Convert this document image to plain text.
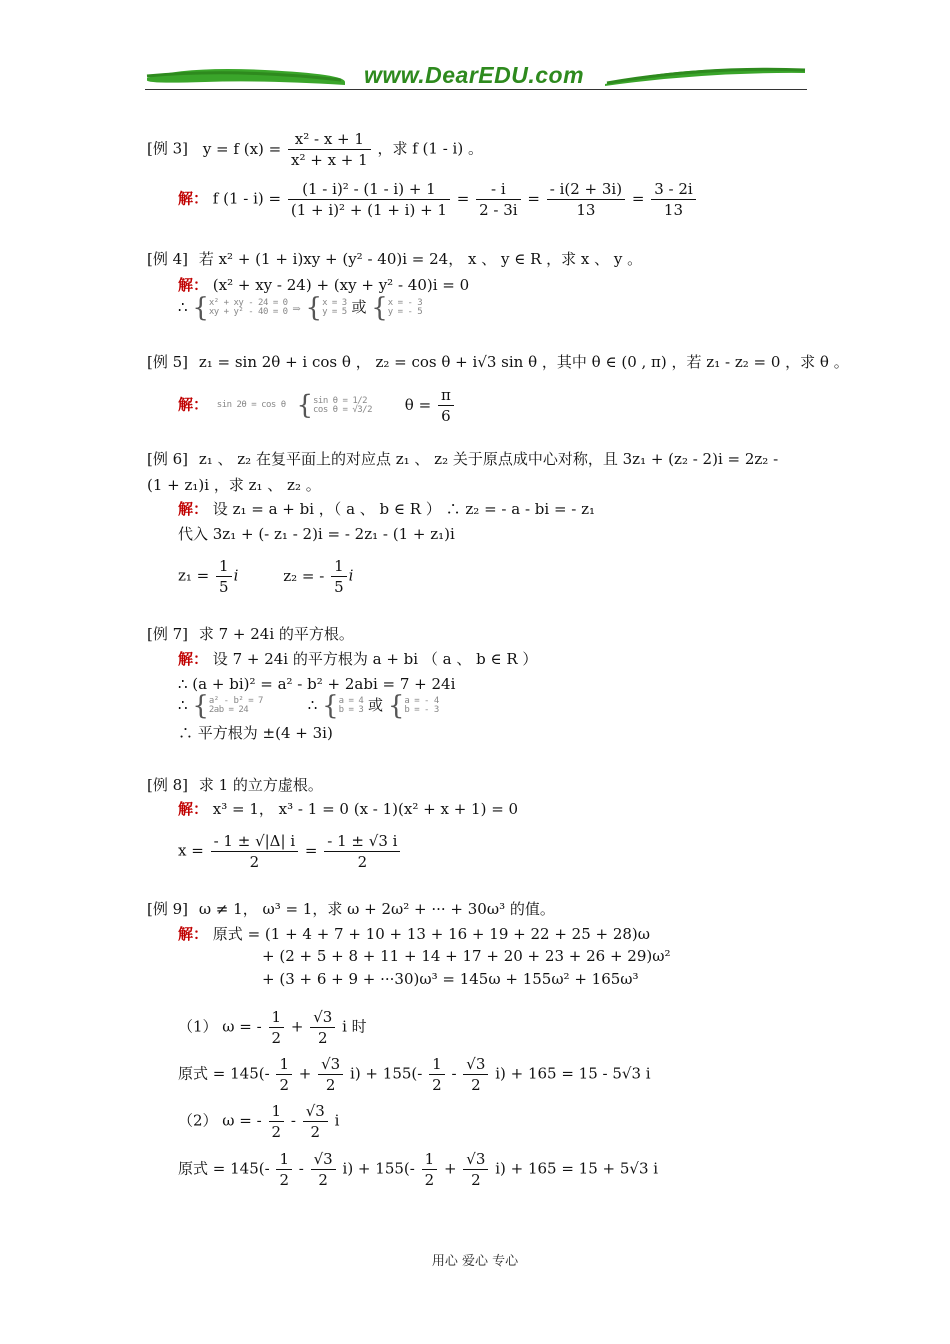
www.DearEDU.com
[例 3] y = f $(x) = \frac{\text{x² - x + 1}}{\text{x² + x + 1}}$ ，求 f (1 - i) 。
解： f $(1 - i) = \frac{\text{(1 - i)² - (1 - i) + 1}}{\text{(1 + i)² + (1 + i) + 1}} = \frac{- i}{2 - 3i} = \frac{- i(2 + 3i)}{13} = \frac{3 - 2i}{13}$
[例 4] 若 x² + (1 + i)xy + (y² - 40)i = 24， x 、 y ∈ R ，求 x 、 y 。
解： (x² + xy - 24) + (xy + y² - 40)i = 0
∴ {x² + xy - 24 = 0
xy + y² - 40 = 0 ⇒ {x = 3
y = 5 或 {x = - 3
y = - 5
[例 5] z₁ = sin 2θ + i cos θ ， z₂ = cos θ + i√3 sin θ ，其中 θ ∈ (0 , π) ，若 z₁ - z₂ = 0 ，求 θ 。
解： sin 2θ = cos θ {sin θ = 1/2
cos θ = √3/2 $\theta = \frac{\pi}{6}$
[例 6] z₁ 、 z₂ 在复平面上的对应点 z₁ 、 z₂ 关于原点成中心对称，且 3z₁ + (z₂ - 2)i = 2z₂ -
(1 + z₁)i ，求 z₁ 、 z₂ 。
解： 设 z₁ = a + bi ，（ a 、 b ∈ R ） ∴ z₂ = - a - bi = - z₁
代入 3z₁ + (- z₁ - 2)i = - 2z₁ - (1 + z₁)i
$z_1 = \frac{1}{5}$ i	z₂ = - $\frac{1}{5}$ i
[例 7] 求 7 + 24i 的平方根。
解： 设 7 + 24i 的平方根为 a + bi （ a 、 b ∈ R ）
∴ (a + bi)² = a² - b² + 2abi = 7 + 24i
∴ {a² - b² = 7
2ab = 24	∴ {a = 4
b = 3 或 {a = - 4
b = - 3
∴ 平方根为 ±(4 + 3i)
[例 8] 求 1 的立方虚根。
解： x³ = 1， x³ - 1 = 0 (x - 1)(x² + x + 1) = 0
$x = \frac{- 1 \pm √|\Delta| i}{2} = \frac{- 1 \pm √3 i}{2}$
[例 9] ω ≠ 1， ω³ = 1，求 ω + 2ω² + ··· + 30ω³ 的值。
解： 原式 = (1 + 4 + 7 + 10 + 13 + 16 + 19 + 22 + 25 + 28)ω
+ (2 + 5 + 8 + 11 + 14 + 17 + 20 + 23 + 26 + 29)ω²
+ (3 + 6 + 9 + ···30)ω³ = 145ω + 155ω² + 165ω³
（1） ω = - $\frac{1}{2} + \frac{√3}{2}$ i 时
原式 = $145(- \frac{1}{2} + \frac{√3}{2} i) + 155(- \frac{1}{2} - \frac{√3}{2} i) + 165 = 15 - 5√3$ i
（2） ω = - $\frac{1}{2} - \frac{√3}{2}$ i
原式 = $145(- \frac{1}{2} - \frac{√3}{2} i) + 155(- \frac{1}{2} + \frac{√3}{2} i) + 165 = 15 + 5√3$ i
用心 爱心 专心
